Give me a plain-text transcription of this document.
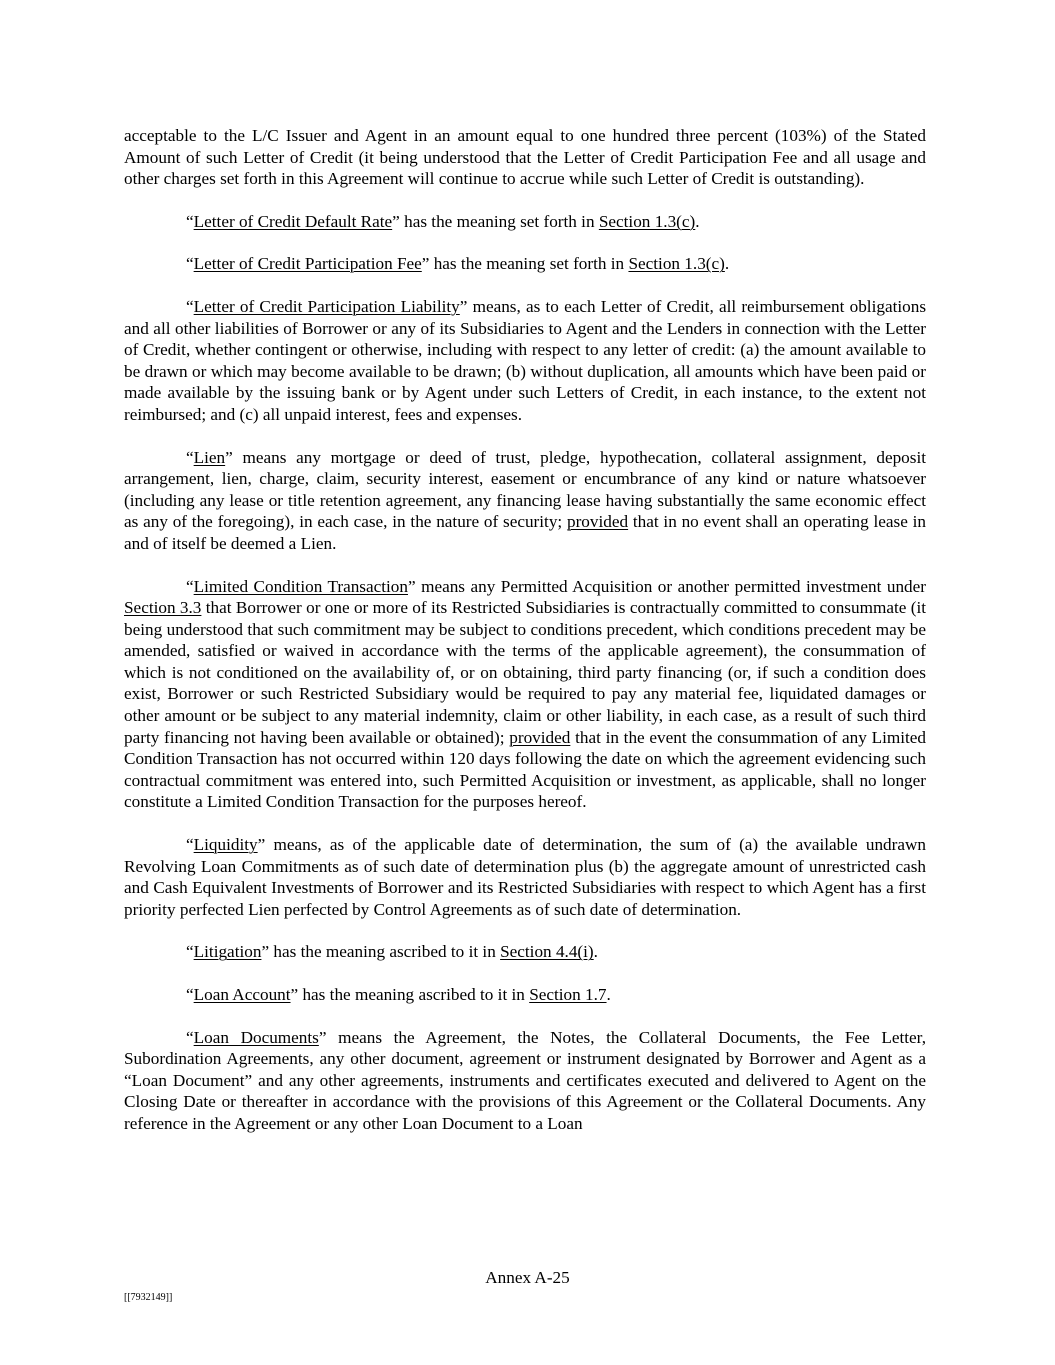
acceptable to the L/C Issuer and Agent in an amount equal to one hundred three percent (103%) of the Stated Amount of such Letter of Credit (it being understood that the Letter of Credit Participation Fee and all usage and other charges set forth in this Agreement will continue to accrue while such Letter of Credit is outstanding).

“Letter of Credit Default Rate” has the meaning set forth in Section 1.3(c).

“Letter of Credit Participation Fee” has the meaning set forth in Section 1.3(c).

“Letter of Credit Participation Liability” means, as to each Letter of Credit, all reimbursement obligations and all other liabilities of Borrower or any of its Subsidiaries to Agent and the Lenders in connection with the Letter of Credit, whether contingent or otherwise, including with respect to any letter of credit: (a) the amount available to be drawn or which may become available to be drawn; (b) without duplication, all amounts which have been paid or made available by the issuing bank or by Agent under such Letters of Credit, in each instance, to the extent not reimbursed; and (c) all unpaid interest, fees and expenses.

“Lien” means any mortgage or deed of trust, pledge, hypothecation, collateral assignment, deposit arrangement, lien, charge, claim, security interest, easement or encumbrance of any kind or nature whatsoever (including any lease or title retention agreement, any financing lease having substantially the same economic effect as any of the foregoing), in each case, in the nature of security; provided that in no event shall an operating lease in and of itself be deemed a Lien.

“Limited Condition Transaction” means any Permitted Acquisition or another permitted investment under Section 3.3 that Borrower or one or more of its Restricted Subsidiaries is contractually committed to consummate (it being understood that such commitment may be subject to conditions precedent, which conditions precedent may be amended, satisfied or waived in accordance with the terms of the applicable agreement), the consummation of which is not conditioned on the availability of, or on obtaining, third party financing (or, if such a condition does exist, Borrower or such Restricted Subsidiary would be required to pay any material fee, liquidated damages or other amount or be subject to any material indemnity, claim or other liability, in each case, as a result of such third party financing not having been available or obtained); provided that in the event the consummation of any Limited Condition Transaction has not occurred within 120 days following the date on which the agreement evidencing such contractual commitment was entered into, such Permitted Acquisition or investment, as applicable, shall no longer constitute a Limited Condition Transaction for the purposes hereof.

“Liquidity” means, as of the applicable date of determination, the sum of (a) the available undrawn Revolving Loan Commitments as of such date of determination plus (b) the aggregate amount of unrestricted cash and Cash Equivalent Investments of Borrower and its Restricted Subsidiaries with respect to which Agent has a first priority perfected Lien perfected by Control Agreements as of such date of determination.

“Litigation” has the meaning ascribed to it in Section 4.4(i).

“Loan Account” has the meaning ascribed to it in Section 1.7.

“Loan Documents” means the Agreement, the Notes, the Collateral Documents, the Fee Letter, Subordination Agreements, any other document, agreement or instrument designated by Borrower and Agent as a “Loan Document” and any other agreements, instruments and certificates executed and delivered to Agent on the Closing Date or thereafter in accordance with the provisions of this Agreement or the Collateral Documents. Any reference in the Agreement or any other Loan Document to a Loan

Annex A-25
[[7932149]]
